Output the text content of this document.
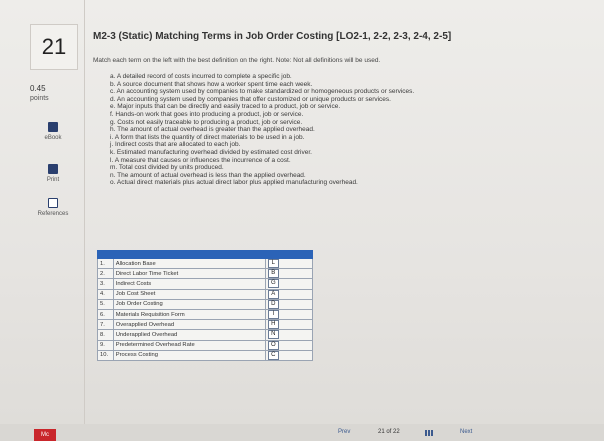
21
0.45
points
eBook
Print
References
M2-3 (Static) Matching Terms in Job Order Costing [LO2-1, 2-2, 2-3, 2-4, 2-5]
Match each term on the left with the best definition on the right. Note: Not all definitions will be used.
a. A detailed record of costs incurred to complete a specific job.
b. A source document that shows how a worker spent time each week.
c. An accounting system used by companies to make standardized or homogeneous products or services.
d. An accounting system used by companies that offer customized or unique products or services.
e. Major inputs that can be directly and easily traced to a product, job or service.
f. Hands-on work that goes into producing a product, job or service.
g. Costs not easily traceable to producing a product, job or service.
h. The amount of actual overhead is greater than the applied overhead.
i. A form that lists the quantity of direct materials to be used in a job.
j. Indirect costs that are allocated to each job.
k. Estimated manufacturing overhead divided by estimated cost driver.
l. A measure that causes or influences the incurrence of a cost.
m. Total cost divided by units produced.
n. The amount of actual overhead is less than the applied overhead.
o. Actual direct materials plus actual direct labor plus applied manufacturing overhead.
1.	Allocation Base	L
2.	Direct Labor Time Ticket	B
3.	Indirect Costs	G
4.	Job Cost Sheet	A
5.	Job Order Costing	D
6.	Materials Requisition Form	I
7.	Overapplied Overhead	H
8.	Underapplied Overhead	N
9.	Predetermined Overhead Rate	O
10.	Process Costing	C
Mc	Prev	21 of 22	Next
